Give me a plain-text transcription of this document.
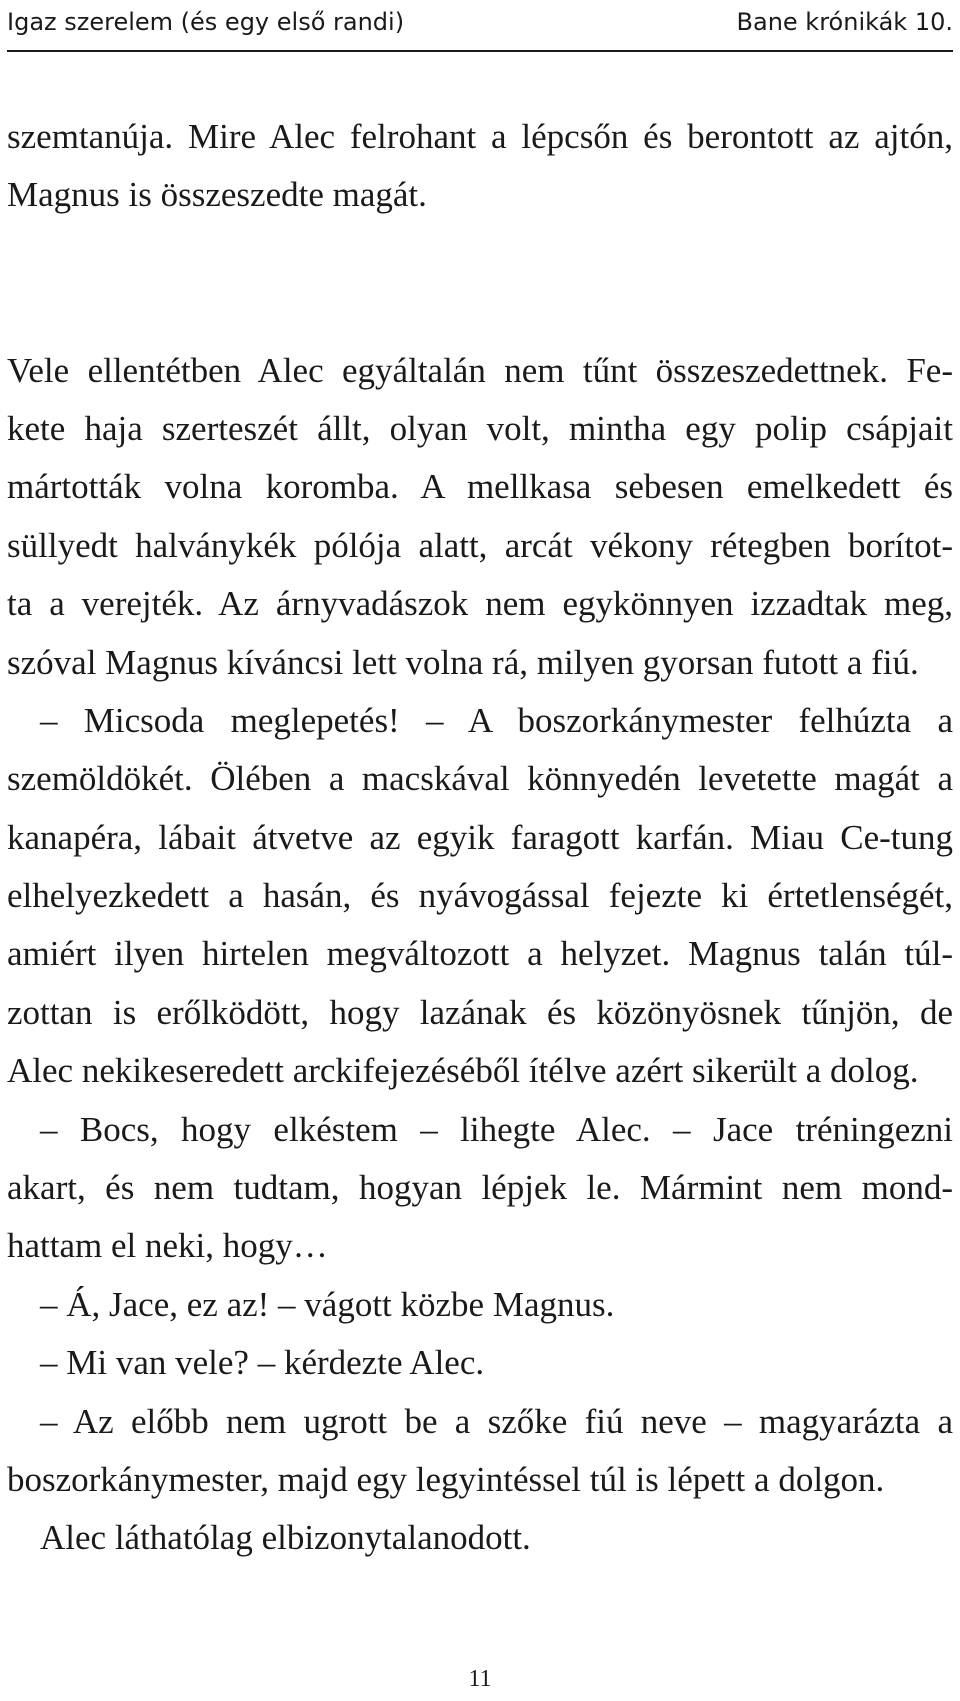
Igaz szerelem (és egy első randi)	Bane krónikák 10.
szemtanúja. Mire Alec felrohant a lépcsőn és berontott az ajtón,
Magnus is összeszedte magát.
Vele ellentétben Alec egyáltalán nem tűnt összeszedettnek. Fe-
kete haja szerteszét állt, olyan volt, mintha egy polip csápjait
mártották volna koromba. A mellkasa sebesen emelkedett és
süllyedt halványkék pólója alatt, arcát vékony rétegben borítot-
ta a verejték. Az árnyvadászok nem egykönnyen izzadtak meg,
szóval Magnus kíváncsi lett volna rá, milyen gyorsan futott a fiú.
– Micsoda meglepetés! – A boszorkánymester felhúzta a
szemöldökét. Ölében a macskával könnyedén levetette magát a
kanapéra, lábait átvetve az egyik faragott karfán. Miau Ce-tung
elhelyezkedett a hasán, és nyávogással fejezte ki értetlenségét,
amiért ilyen hirtelen megváltozott a helyzet. Magnus talán túl-
zottan is erőlködött, hogy lazának és közönyösnek tűnjön, de
Alec nekikeseredett arckifejezéséből ítélve azért sikerült a dolog.
– Bocs, hogy elkéstem – lihegte Alec. – Jace tréningezni
akart, és nem tudtam, hogyan lépjek le. Mármint nem mond-
hattam el neki, hogy…
– Á, Jace, ez az! – vágott közbe Magnus.
– Mi van vele? – kérdezte Alec.
– Az előbb nem ugrott be a szőke fiú neve – magyarázta a
boszorkánymester, majd egy legyintéssel túl is lépett a dolgon.
Alec láthatólag elbizonytalanodott.
11
